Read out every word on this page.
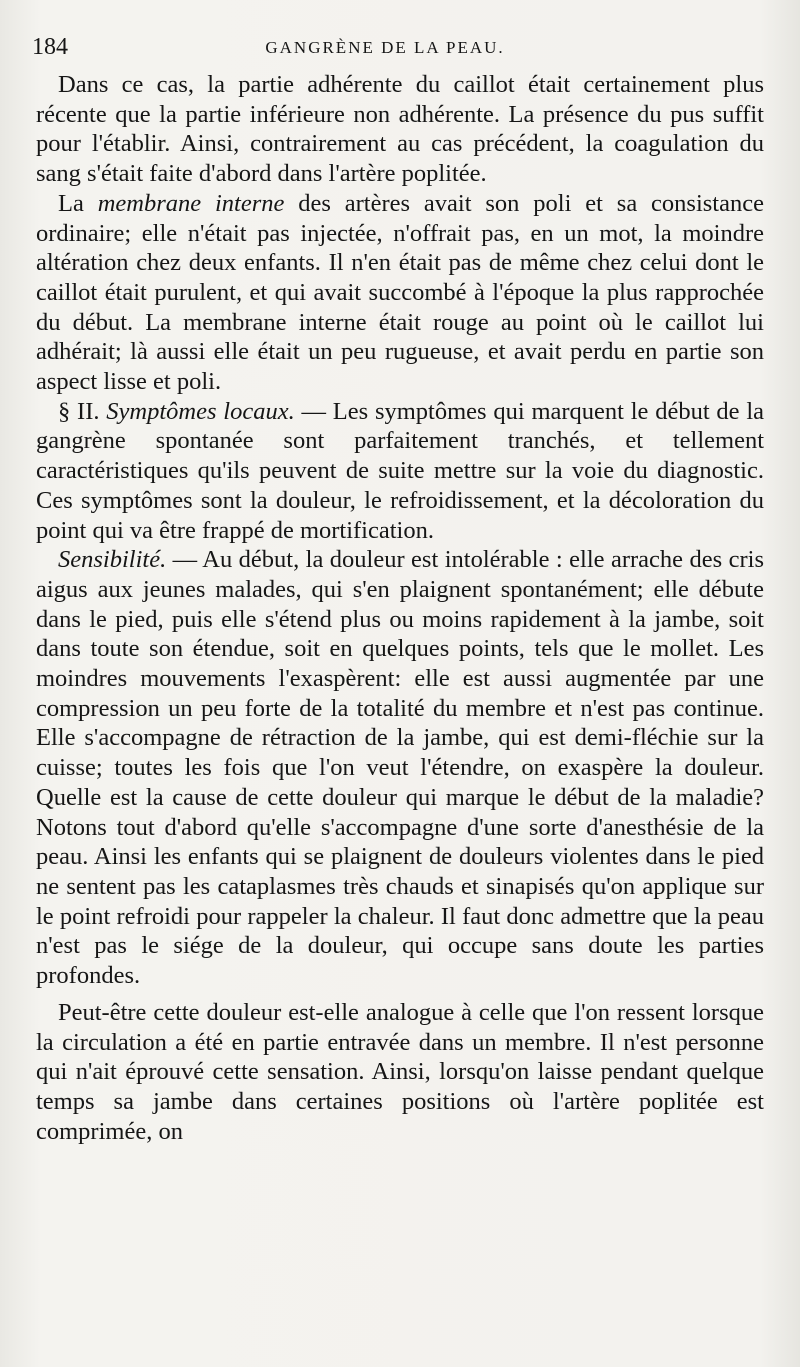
184	GANGRÈNE DE LA PEAU.

Dans ce cas, la partie adhérente du caillot était certainement plus récente que la partie inférieure non adhérente. La présence du pus suffit pour l'établir. Ainsi, contrairement au cas précédent, la coagulation du sang s'était faite d'abord dans l'artère poplitée.

La membrane interne des artères avait son poli et sa consistance ordinaire; elle n'était pas injectée, n'offrait pas, en un mot, la moindre altération chez deux enfants. Il n'en était pas de même chez celui dont le caillot était purulent, et qui avait succombé à l'époque la plus rapprochée du début. La membrane interne était rouge au point où le caillot lui adhérait; là aussi elle était un peu rugueuse, et avait perdu en partie son aspect lisse et poli.

§ II. Symptômes locaux. — Les symptômes qui marquent le début de la gangrène spontanée sont parfaitement tranchés, et tellement caractéristiques qu'ils peuvent de suite mettre sur la voie du diagnostic. Ces symptômes sont la douleur, le refroidissement, et la décoloration du point qui va être frappé de mortification.

Sensibilité. — Au début, la douleur est intolérable : elle arrache des cris aigus aux jeunes malades, qui s'en plaignent spontanément; elle débute dans le pied, puis elle s'étend plus ou moins rapidement à la jambe, soit dans toute son étendue, soit en quelques points, tels que le mollet. Les moindres mouvements l'exaspèrent: elle est aussi augmentée par une compression un peu forte de la totalité du membre et n'est pas continue. Elle s'accompagne de rétraction de la jambe, qui est demi-fléchie sur la cuisse; toutes les fois que l'on veut l'étendre, on exaspère la douleur. Quelle est la cause de cette douleur qui marque le début de la maladie? Notons tout d'abord qu'elle s'accompagne d'une sorte d'anesthésie de la peau. Ainsi les enfants qui se plaignent de douleurs violentes dans le pied ne sentent pas les cataplasmes très chauds et sinapisés qu'on applique sur le point refroidi pour rappeler la chaleur. Il faut donc admettre que la peau n'est pas le siége de la douleur, qui occupe sans doute les parties profondes.

Peut-être cette douleur est-elle analogue à celle que l'on ressent lorsque la circulation a été en partie entravée dans un membre. Il n'est personne qui n'ait éprouvé cette sensation. Ainsi, lorsqu'on laisse pendant quelque temps sa jambe dans certaines positions où l'artère poplitée est comprimée, on
